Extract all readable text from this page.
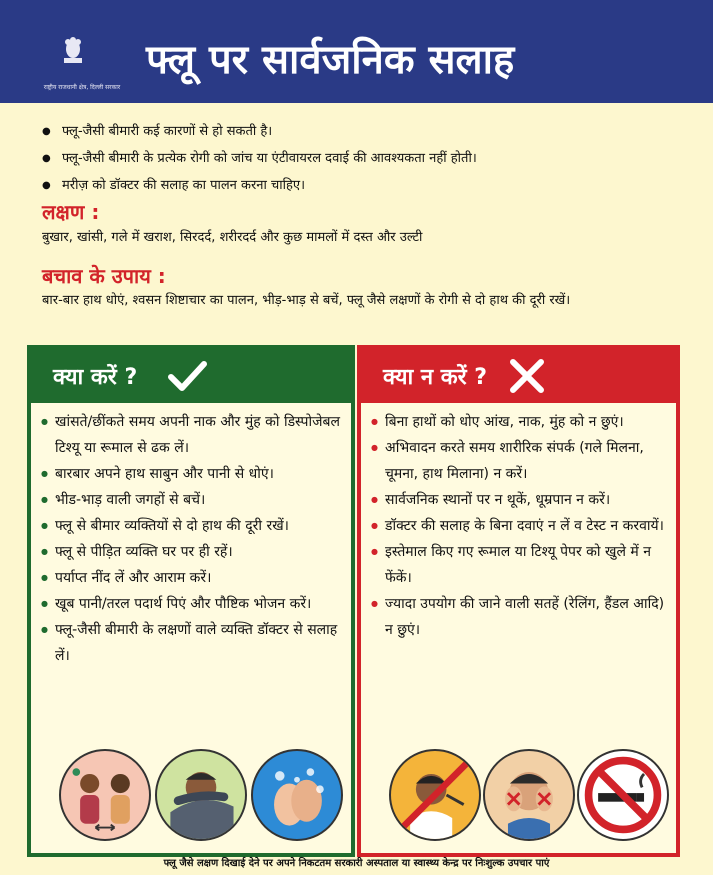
राष्ट्रीय राजधानी क्षेत्र, दिल्ली सरकार
फ्लू पर सार्वजनिक सलाह
● फ्लू-जैसी बीमारी कई कारणों से हो सकती है।
● फ्लू-जैसी बीमारी के प्रत्येक रोगी को जांच या एंटीवायरल दवाई की आवश्यकता नहीं होती।
● मरीज़ को डॉक्टर की सलाह का पालन करना चाहिए।
लक्षण :
बुखार, खांसी, गले में खराश, सिरदर्द, शरीरदर्द और कुछ मामलों में दस्त और उल्टी
बचाव के उपाय :
बार-बार हाथ धोएं, श्वसन शिष्टाचार का पालन, भीड़-भाड़ से बचें, फ्लू जैसे लक्षणों के रोगी से दो हाथ की दूरी रखें।
क्या करें ?
● खांसते/छींकते समय अपनी नाक और मुंह को डिस्पोजेबल टिश्यू या रूमाल से ढक लें।
● बारबार अपने हाथ साबुन और पानी से धोएं।
● भीड-भाड़ वाली जगहों से बचें।
● फ्लू से बीमार व्यक्तियों से दो हाथ की दूरी रखें।
● फ्लू से पीड़ित व्यक्ति घर पर ही रहें।
● पर्याप्त नींद लें और आराम करें।
● खूब पानी/तरल पदार्थ पिएं और पौष्टिक भोजन करें।
● फ्लू-जैसी बीमारी के लक्षणों वाले व्यक्ति डॉक्टर से सलाह लें।
क्या न करें ?
● बिना हाथों को धोए आंख, नाक, मुंह को न छुएं।
● अभिवादन करते समय शारीरिक संपर्क (गले मिलना, चूमना, हाथ मिलाना) न करें।
● सार्वजनिक स्थानों पर न थूकें, धूम्रपान न करें।
● डॉक्टर की सलाह के बिना दवाएं न लें व टेस्ट न करवायें।
● इस्तेमाल किए गए रूमाल या टिश्यू पेपर को खुले में न फेंकें।
● ज्यादा उपयोग की जाने वाली सतहें (रेलिंग, हैंडल आदि) न छुएं।
फ्लू जैसे लक्षण दिखाई देने पर अपने निकटतम सरकारी अस्पताल या स्वास्थ्य केन्द्र पर निःशुल्क उपचार पाएं
